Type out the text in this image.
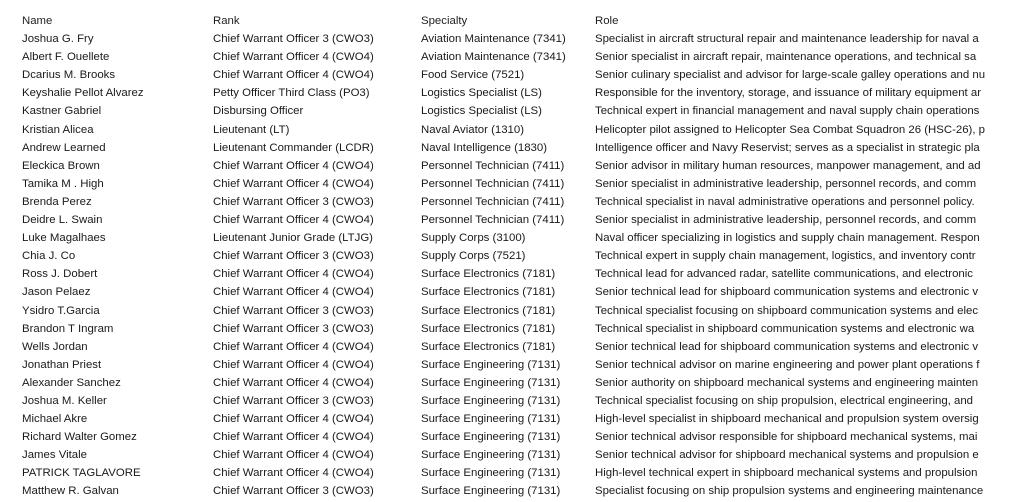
Name	Rank	Specialty	Role
Joshua G. Fry	Chief Warrant Officer 3 (CWO3)	Aviation Maintenance (7341)	Specialist in aircraft structural repair and maintenance leadership for naval a
Albert F. Ouellete	Chief Warrant Officer 4 (CWO4)	Aviation Maintenance (7341)	Senior specialist in aircraft repair, maintenance operations, and technical sa
Dcarius M. Brooks	Chief Warrant Officer 4 (CWO4)	Food Service (7521)	Senior culinary specialist and advisor for large-scale galley operations and nu
Keyshalie Pellot Alvarez	Petty Officer Third Class (PO3)	Logistics Specialist (LS)	Responsible for the inventory, storage, and issuance of military equipment ar
Kastner Gabriel	Disbursing Officer	Logistics Specialist (LS)	Technical expert in financial management and naval supply chain operations
Kristian Alicea	Lieutenant (LT)	Naval Aviator (1310)	Helicopter pilot assigned to Helicopter Sea Combat Squadron 26 (HSC-26), p
Andrew Learned	Lieutenant Commander (LCDR)	Naval Intelligence (1830)	Intelligence officer and Navy Reservist; serves as a specialist in strategic pla
Eleckica Brown	Chief Warrant Officer 4 (CWO4)	Personnel Technician (7411)	Senior advisor in military human resources, manpower management, and ad
Tamika M . High	Chief Warrant Officer 4 (CWO4)	Personnel Technician (7411)	Senior specialist in administrative leadership, personnel records, and comm
Brenda Perez	Chief Warrant Officer 3 (CWO3)	Personnel Technician (7411)	Technical specialist in naval administrative operations and personnel policy.
Deidre L. Swain	Chief Warrant Officer 4 (CWO4)	Personnel Technician (7411)	Senior specialist in administrative leadership, personnel records, and comm
Luke Magalhaes	Lieutenant Junior Grade (LTJG)	Supply Corps (3100)	Naval officer specializing in logistics and supply chain management. Respon
Chia J. Co	Chief Warrant Officer 3 (CWO3)	Supply Corps (7521)	Technical expert in supply chain management, logistics, and inventory contr
Ross J. Dobert	Chief Warrant Officer 4 (CWO4)	Surface Electronics (7181)	Technical lead for advanced radar, satellite communications, and electronic
Jason Pelaez	Chief Warrant Officer 4 (CWO4)	Surface Electronics (7181)	Senior technical lead for shipboard communication systems and electronic v
Ysidro T.Garcia	Chief Warrant Officer 3 (CWO3)	Surface Electronics (7181)	Technical specialist focusing on shipboard communication systems and elec
Brandon T Ingram	Chief Warrant Officer 3 (CWO3)	Surface Electronics (7181)	Technical specialist in shipboard communication systems and electronic wa
Wells Jordan	Chief Warrant Officer 4 (CWO4)	Surface Electronics (7181)	Senior technical lead for shipboard communication systems and electronic v
Jonathan Priest	Chief Warrant Officer 4 (CWO4)	Surface Engineering (7131)	Senior technical advisor on marine engineering and power plant operations f
Alexander Sanchez	Chief Warrant Officer 4 (CWO4)	Surface Engineering (7131)	Senior authority on shipboard mechanical systems and engineering mainten
Joshua M. Keller	Chief Warrant Officer 3 (CWO3)	Surface Engineering (7131)	Technical specialist focusing on ship propulsion, electrical engineering, and
Michael Akre	Chief Warrant Officer 4 (CWO4)	Surface Engineering (7131)	High-level specialist in shipboard mechanical and propulsion system oversig
Richard Walter Gomez	Chief Warrant Officer 4 (CWO4)	Surface Engineering (7131)	Senior technical advisor responsible for shipboard mechanical systems, mai
James Vitale	Chief Warrant Officer 4 (CWO4)	Surface Engineering (7131)	Senior technical advisor for shipboard mechanical systems and propulsion e
PATRICK TAGLAVORE	Chief Warrant Officer 4 (CWO4)	Surface Engineering (7131)	High-level technical expert in shipboard mechanical systems and propulsion
Matthew R. Galvan	Chief Warrant Officer 3 (CWO3)	Surface Engineering (7131)	Specialist focusing on ship propulsion systems and engineering maintenance
